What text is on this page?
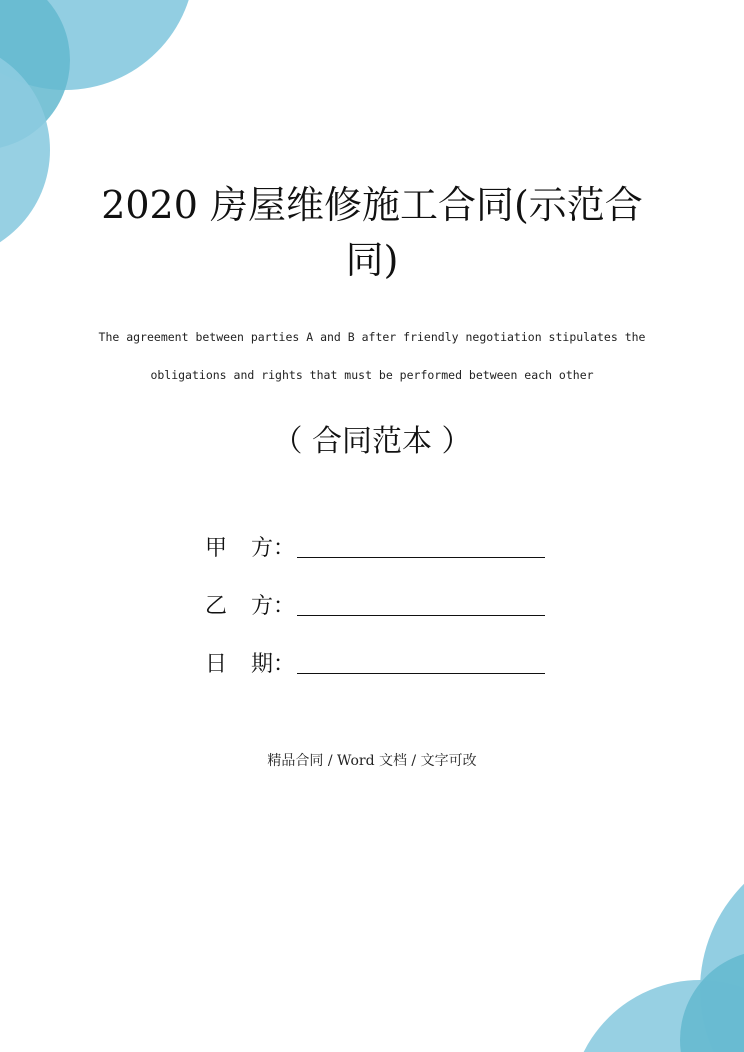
2020 房屋维修施工合同(示范合
同)
The agreement between parties A and B after friendly negotiation stipulates the
obligations and rights that must be performed between each other
（ 合同范本 ）
甲 方：
乙 方：
日 期：
精品合同 / Word 文档 / 文字可改
